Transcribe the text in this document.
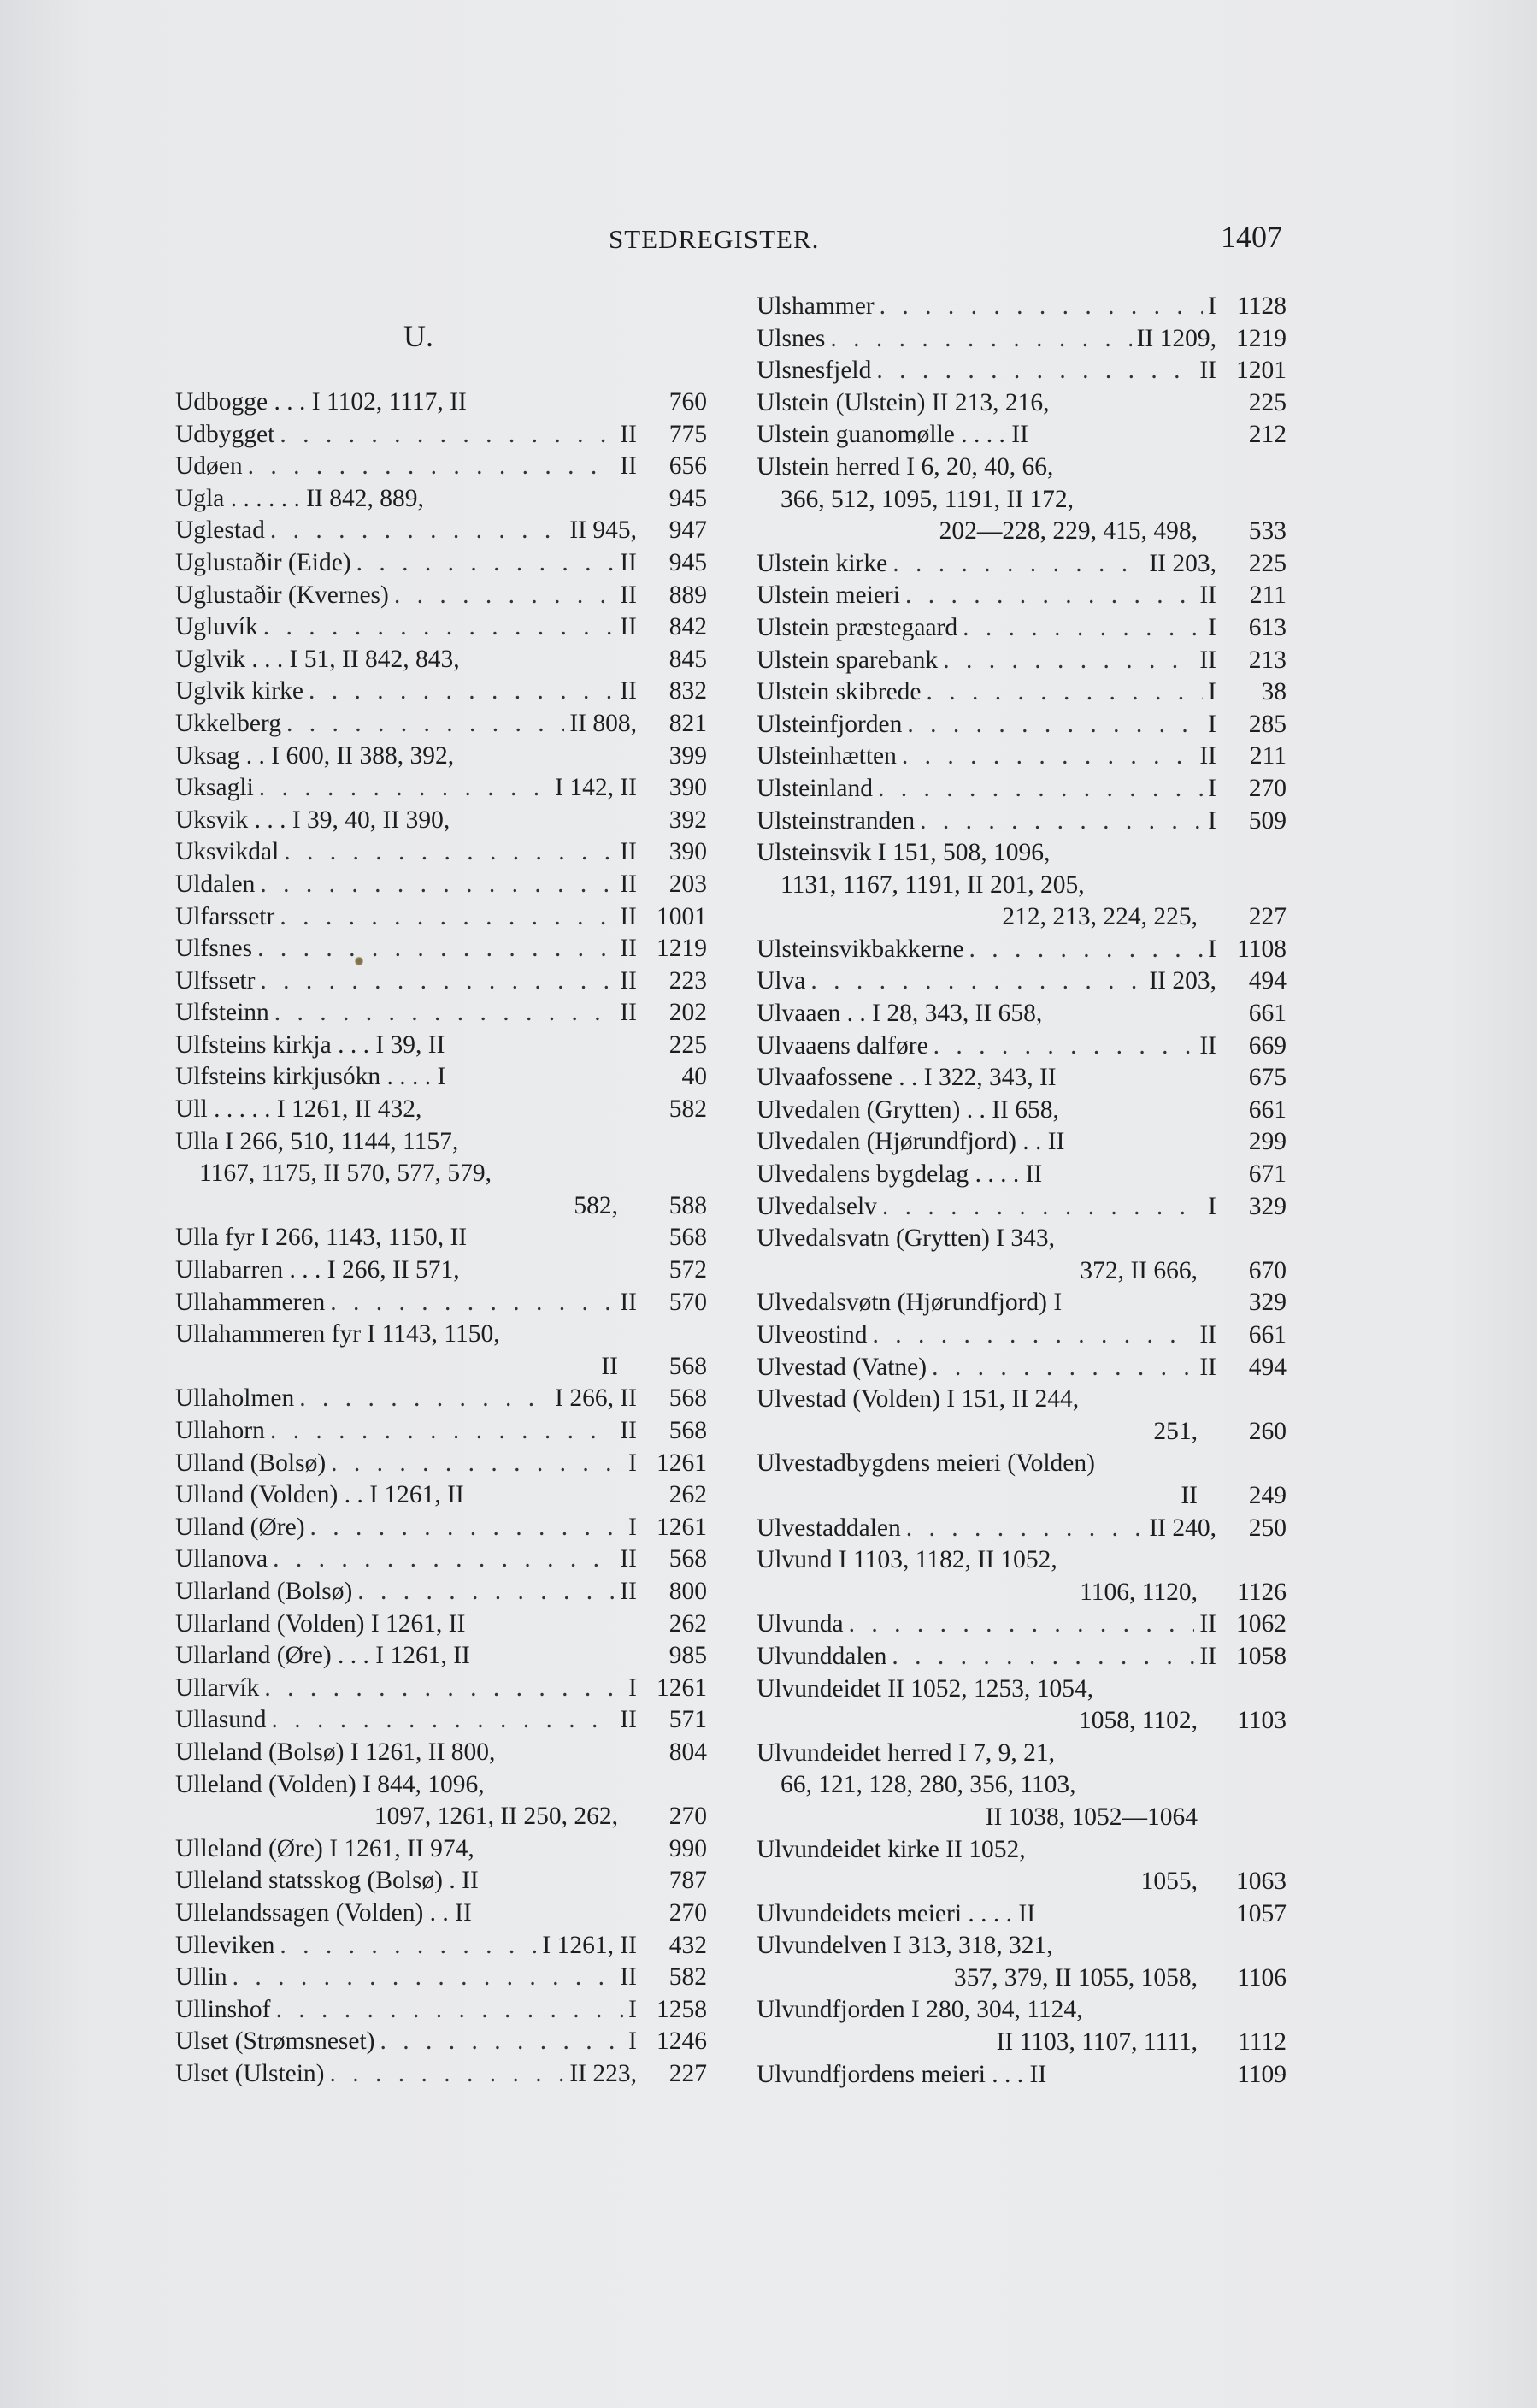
STEDREGISTER.	1407
U.
Udbogge . . . I 1102, 1117, II	760
Udbygget . . .	II	775
Udøen . . .	II	656
Ugla . . . . . . II 842, 889,	945
Uglestad . . .	II 945,	947
Uglustaðir (Eide) . . .	II	945
Uglustaðir (Kvernes) . . .	II	889
Ugluvík . . .	II	842
Uglvik . . . I 51, II 842, 843,	845
Uglvik kirke . . .	II	832
Ukkelberg . . .	II 808,	821
Uksag . . I 600, II 388, 392,	399
Uksagli . . .	I 142, II	390
Uksvik . . . I 39, 40, II 390,	392
Uksvikdal . . .	II	390
Uldalen . . .	II	203
Ulfarssetr . . .	II 1001
Ulfsnes . . .	II 1219
Ulfssetr . . .	II	223
Ulfsteinn . . .	II	202
Ulfsteins kirkja . . . I 39, II	225
Ulfsteins kirkjusókn . . . . I	40
Ull . . . . . I 1261, II 432,	582
Ulla I 266, 510, 1144, 1157,
1167, 1175, II 570, 577, 579,
582,	588
Ulla fyr I 266, 1143, 1150, II	568
Ullabarren . . . I 266, II 571,	572
Ullahammeren . . .	II	570
Ullahammeren fyr I 1143, 1150,
II	568
Ullaholmen . . .	I 266, II	568
Ullahorn . . .	II	568
Ulland (Bolsø) . . .	I 1261
Ulland (Volden) . . I 1261, II	262
Ulland (Øre) . . .	I 1261
Ullanova . . .	II	568
Ullarland (Bolsø) . . .	II	800
Ullarland (Volden) I 1261, II	262
Ullarland (Øre) . . . I 1261, II	985
Ullarvík . . .	I 1261
Ullasund . . .	II	571
Ulleland (Bolsø) I 1261, II 800,	804
Ulleland (Volden) I 844, 1096,
1097, 1261, II 250, 262,	270
Ulleland (Øre) I 1261, II 974,	990
Ulleland statsskog (Bolsø) . II	787
Ullelandssagen (Volden) . . II	270
Ulleviken . . .	I 1261, II	432
Ullin . . .	II	582
Ullinshof . . .	I 1258
Ulset (Strømsneset) . . .	I 1246
Ulset (Ulstein) . . .	II 223,	227
Ulshammer . . .	I 1128
Ulsnes . . .	II 1209, 1219
Ulsnesfjeld . . .	II 1201
Ulstein (Ulstein) II 213, 216,	225
Ulstein guanomølle . . . . II	212
Ulstein herred I 6, 20, 40, 66,
366, 512, 1095, 1191, II 172,
202—228, 229, 415, 498,	533
Ulstein kirke . . .	II 203,	225
Ulstein meieri . . .	II	211
Ulstein præstegaard . . .	I	613
Ulstein sparebank . . .	II	213
Ulstein skibrede . . .	I	38
Ulsteinfjorden . . .	I	285
Ulsteinhætten . . .	II	211
Ulsteinland . . .	I	270
Ulsteinstranden . . .	I	509
Ulsteinsvik I 151, 508, 1096,
1131, 1167, 1191, II 201, 205,
212, 213, 224, 225,	227
Ulsteinsvikbakkerne . . .	I 1108
Ulva . . .	II 203,	494
Ulvaaen . . I 28, 343, II 658,	661
Ulvaaens dalføre . . .	II	669
Ulvaafossene . . I 322, 343, II	675
Ulvedalen (Grytten) . . II 658,	661
Ulvedalen (Hjørundfjord) . . II	299
Ulvedalens bygdelag . . . . II	671
Ulvedalselv . . .	I	329
Ulvedalsvatn (Grytten) I 343,
372, II 666,	670
Ulvedalsvøtn (Hjørundfjord) I	329
Ulveostind . . .	II	661
Ulvestad (Vatne) . . .	II	494
Ulvestad (Volden) I 151, II 244,
251,	260
Ulvestadbygdens meieri (Volden)
II	249
Ulvestaddalen . . .	II 240,	250
Ulvund I 1103, 1182, II 1052,
1106, 1120,	1126
Ulvunda . . .	II 1062
Ulvunddalen . . .	II 1058
Ulvundeidet II 1052, 1253, 1054,
1058, 1102,	1103
Ulvundeidet herred I 7, 9, 21,
66, 121, 128, 280, 356, 1103,
II 1038, 1052—1064
Ulvundeidet kirke II 1052,
1055,	1063
Ulvundeidets meieri . . . . II	1057
Ulvundelven I 313, 318, 321,
357, 379, II 1055, 1058,	1106
Ulvundfjorden I 280, 304, 1124,
II 1103, 1107, 1111,	1112
Ulvundfjordens meieri . . . II	1109
